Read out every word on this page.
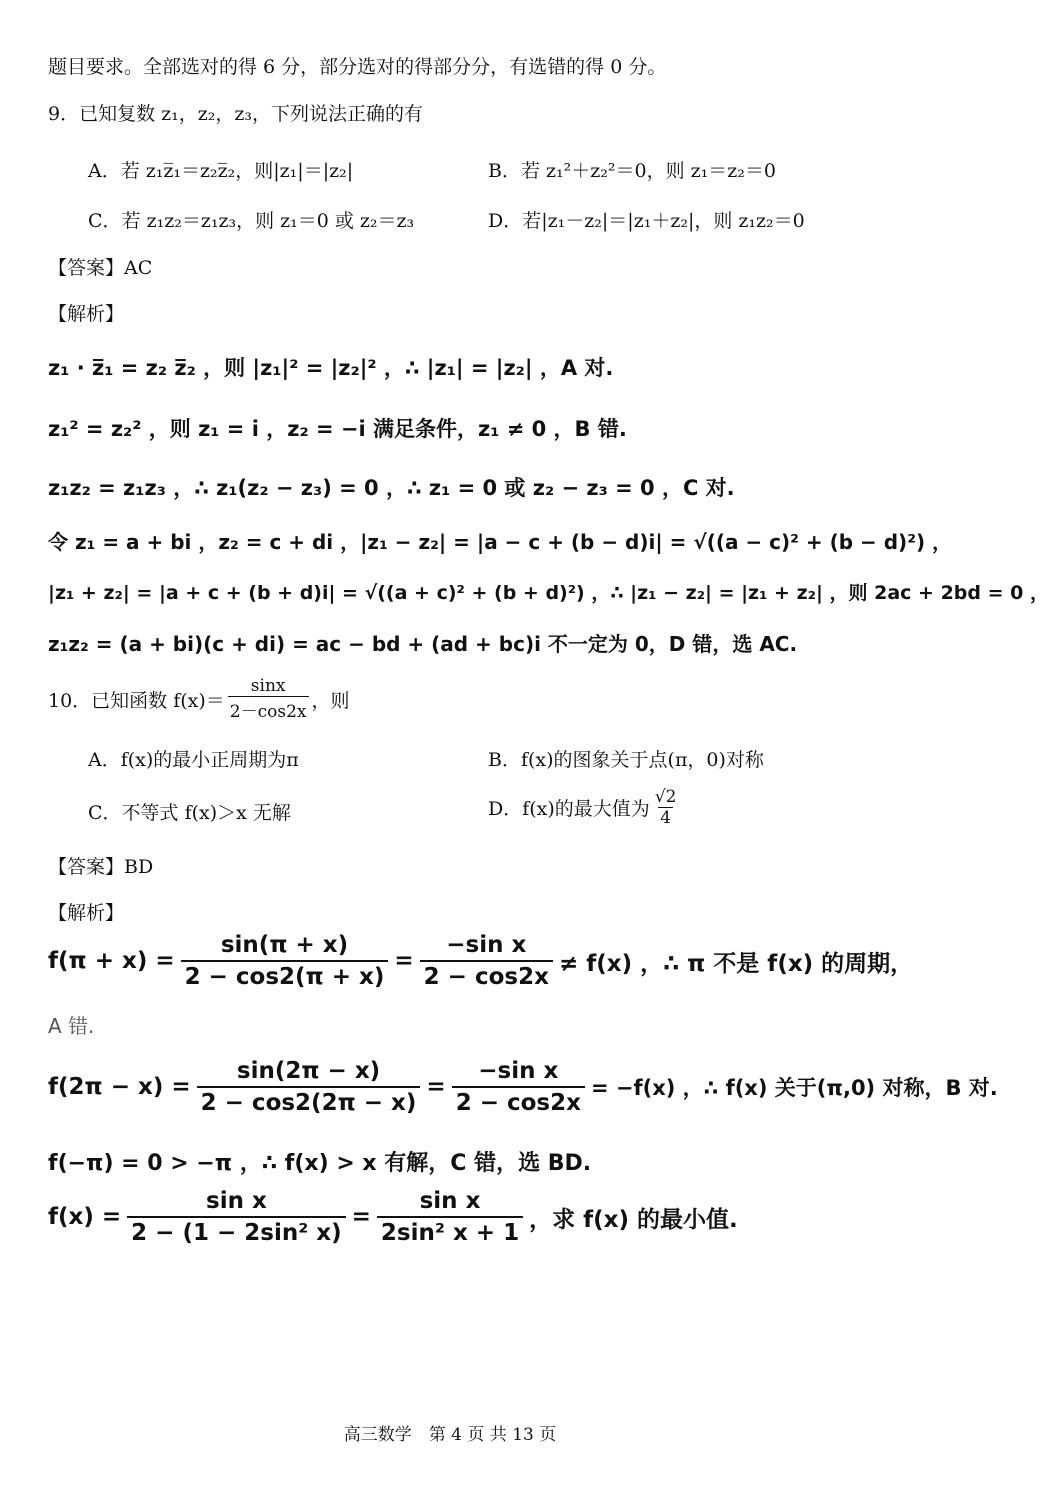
题目要求。全部选对的得 6 分，部分选对的得部分分，有选错的得 0 分。
9．已知复数 z₁，z₂，z₃，下列说法正确的有
A．若 z₁z̅₁＝z₂z̅₂，则|z₁|＝|z₂|	B．若 z₁²＋z₂²＝0，则 z₁＝z₂＝0
C．若 z₁z₂＝z₁z₃，则 z₁＝0 或 z₂＝z₃	D．若|z₁－z₂|＝|z₁＋z₂|，则 z₁z₂＝0
【答案】AC
【解析】
z₁ · z̅₁ = z₂ z̅₂ ，则 |z₁|² = |z₂|² ，∴ |z₁| = |z₂| ，A 对.
z₁² = z₂² ，则 z₁ = i ，z₂ = −i 满足条件，z₁ ≠ 0 ，B 错.
z₁z₂ = z₁z₃ ，∴ z₁(z₂ − z₃) = 0 ，∴ z₁ = 0 或 z₂ − z₃ = 0 ，C 对.
令 z₁ = a + bi ，z₂ = c + di ，|z₁ − z₂| = |a − c + (b − d)i| = √((a − c)² + (b − d)²) ，
|z₁ + z₂| = |a + c + (b + d)i| = √((a + c)² + (b + d)²) ，∴ |z₁ − z₂| = |z₁ + z₂| ，则 2ac + 2bd = 0 ，
z₁z₂ = (a + bi)(c + di) = ac − bd + (ad + bc)i 不一定为 0，D 错，选 AC.
10．已知函数 $f(x)= \frac{\sin x}{2-\cos 2x}$ ，则
A．f(x)的最小正周期为π	B．f(x)的图象关于点(π，0)对称
C．不等式 f(x)＞x 无解	D．f(x)的最大值为 $\frac{√2}{4}$
【答案】BD
【解析】
$f(\pi + x) = \frac{\sin(\pi + x)}{2 - \cos 2(\pi + x)} = \frac{\text{−sin x}}{2 - \cos 2x} \ne f(x)$ ，∴ π 不是 f(x) 的周期，
A 错.
$f(2\pi - x) = \frac{\sin(2\pi - x)}{2 - \cos 2(2\pi - x)} = \frac{\text{−sin x}}{2 - \cos 2x} = -f(x)$ ，∴ f(x) 关于(π,0) 对称，B 对.
f(−π) = 0 > −π ，∴ f(x) > x 有解，C 错，选 BD.
$f(x) = \frac{\text{sin x}}{\text{2 − (1 − 2sin² x)}} = \frac{\text{sin x}}{\text{2sin² x + 1}}$ ，求 f(x) 的最小值.
高三数学　第 4 页 共 13 页
